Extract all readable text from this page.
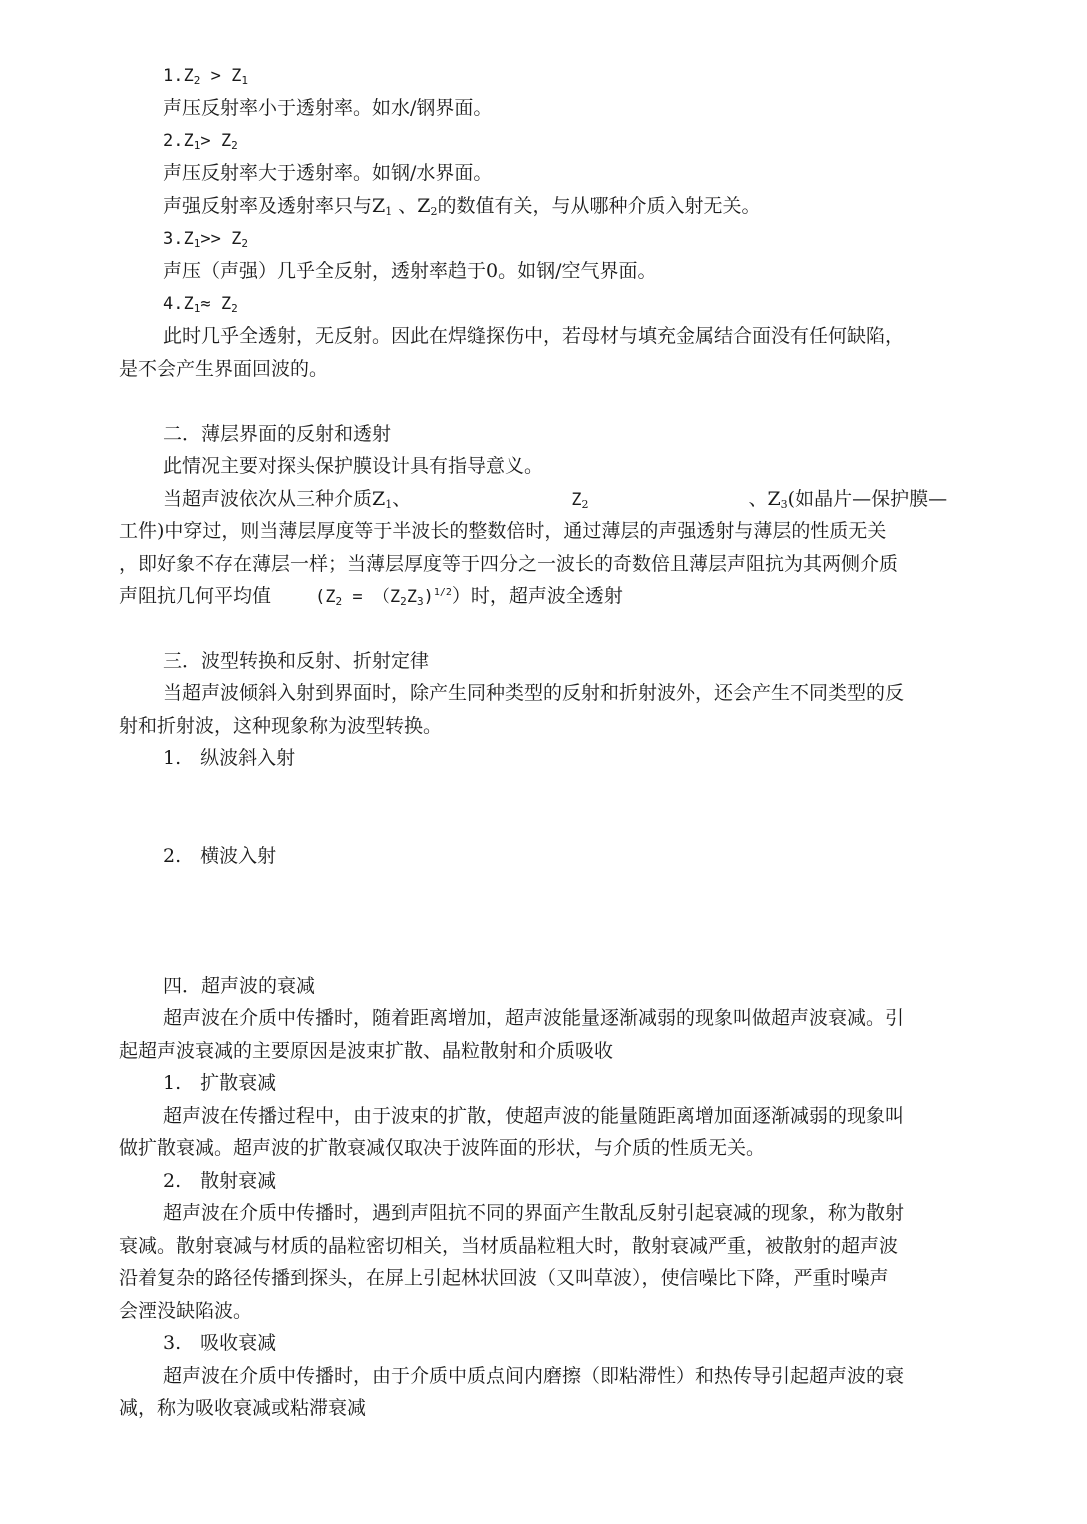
$1.Z_2 > Z_1$
声压反射率小于透射率。如水/钢界面。
$2.Z_1> Z_2$
声压反射率大于透射率。如钢/水界面。
声强反射率及透射率只与$Z_1$ 、$Z_2$的数值有关，与从哪种介质入射无关。
$3.Z_1>> Z_2$
声压（声强）几乎全反射，透射率趋于0。如钢/空气界面。
$4.Z_1\approx Z_2$
此时几乎全透射，无反射。因此在焊缝探伤中，若母材与填充金属结合面没有任何缺陷，
是不会产生界面回波的。
二．薄层界面的反射和透射
此情况主要对探头保护膜设计具有指导意义。
当超声波依次从三种介质$Z_1$、	$Z_2$	、$Z_3$(如晶片—保护膜—
工件)中穿过，则当薄层厚度等于半波长的整数倍时，通过薄层的声强透射与薄层的性质无关
，即好象不存在薄层一样；当薄层厚度等于四分之一波长的奇数倍且薄层声阻抗为其两侧介质
声阻抗几何平均值	$(Z_2 = (Z_2Z_3)^{1/2})$时，超声波全透射
三．波型转换和反射、折射定律
当超声波倾斜入射到界面时，除产生同种类型的反射和折射波外，还会产生不同类型的反
射和折射波，这种现象称为波型转换。
1.　纵波斜入射
2.　横波入射
四．超声波的衰减
超声波在介质中传播时，随着距离增加，超声波能量逐渐减弱的现象叫做超声波衰减。引
起超声波衰减的主要原因是波束扩散、晶粒散射和介质吸收
1.　扩散衰减
超声波在传播过程中，由于波束的扩散，使超声波的能量随距离增加面逐渐减弱的现象叫
做扩散衰减。超声波的扩散衰减仅取决于波阵面的形状，与介质的性质无关。
2.　散射衰减
超声波在介质中传播时，遇到声阻抗不同的界面产生散乱反射引起衰减的现象，称为散射
衰减。散射衰减与材质的晶粒密切相关，当材质晶粒粗大时，散射衰减严重，被散射的超声波
沿着复杂的路径传播到探头，在屏上引起林状回波（又叫草波），使信噪比下降，严重时噪声
会湮没缺陷波。
3.　吸收衰减
超声波在介质中传播时，由于介质中质点间内磨擦（即粘滞性）和热传导引起超声波的衰
减，称为吸收衰减或粘滞衰减
